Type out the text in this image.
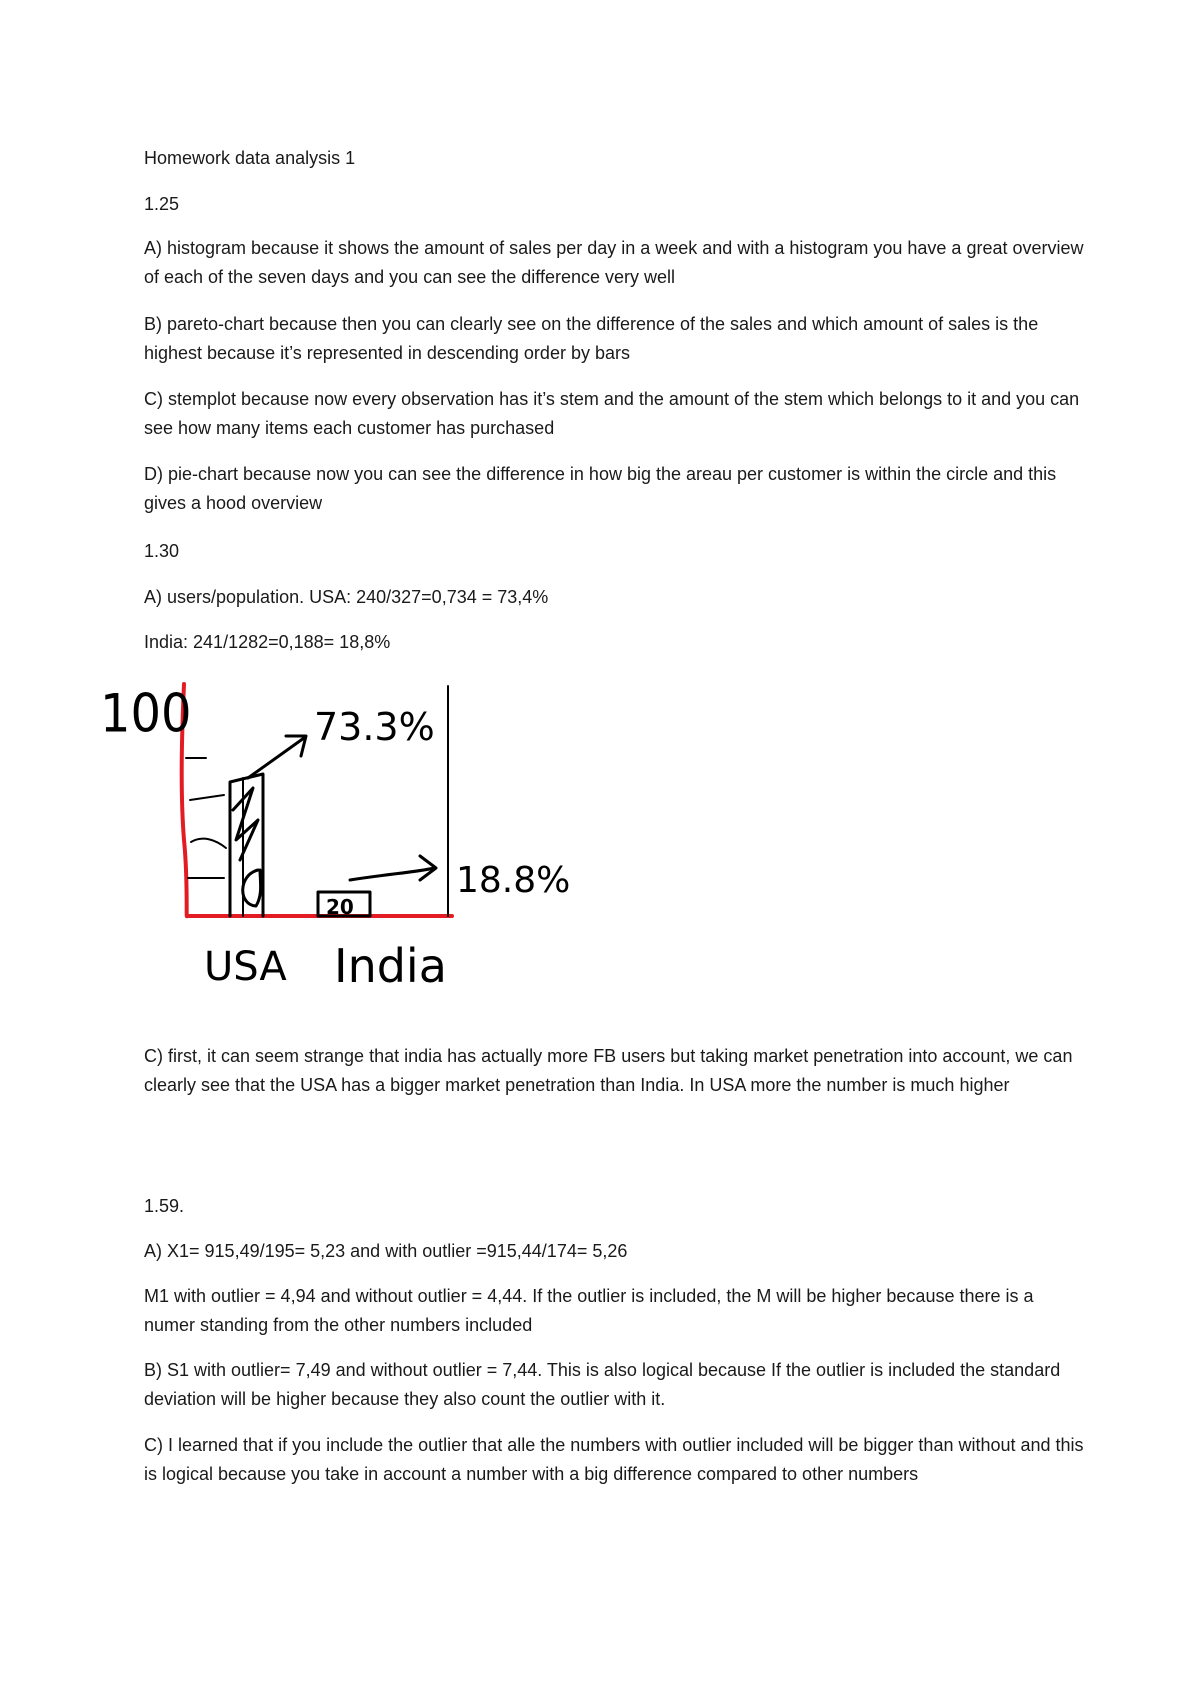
Homework data analysis 1

1.25

A) histogram because it shows the amount of sales per day in a week and with a histogram you have a great overview of each of the seven days and you can see the difference very well

B) pareto-chart because then you can clearly see on the difference of the sales and which amount of sales is the highest because it’s represented in descending order by bars

C) stemplot because now every observation has it’s stem and the amount of the stem which belongs to it and you can see how many items each customer has purchased

D) pie-chart because now you can see the difference in how big the areau per customer is within the circle and this gives a hood overview

1.30

A) users/population. USA: 240/327=0,734 = 73,4%

India: 241/1282=0,188= 18,8%

100	73.3%
18.8%
20
USA India

C) first, it can seem strange that india has actually more FB users but taking market penetration into account, we can clearly see that the USA has a bigger market penetration than India. In USA more the number is much higher

1.59.

A) X1= 915,49/195= 5,23 and with outlier =915,44/174= 5,26

M1 with outlier = 4,94 and without outlier = 4,44. If the outlier is included, the M will be higher because there is a numer standing from the other numbers included

B) S1 with outlier= 7,49 and without outlier = 7,44. This is also logical because If the outlier is included the standard deviation will be higher because they also count the outlier with it.

C) I learned that if you include the outlier that alle the numbers with outlier included will be bigger than without and this is logical because you take in account a number with a big difference compared to other numbers
